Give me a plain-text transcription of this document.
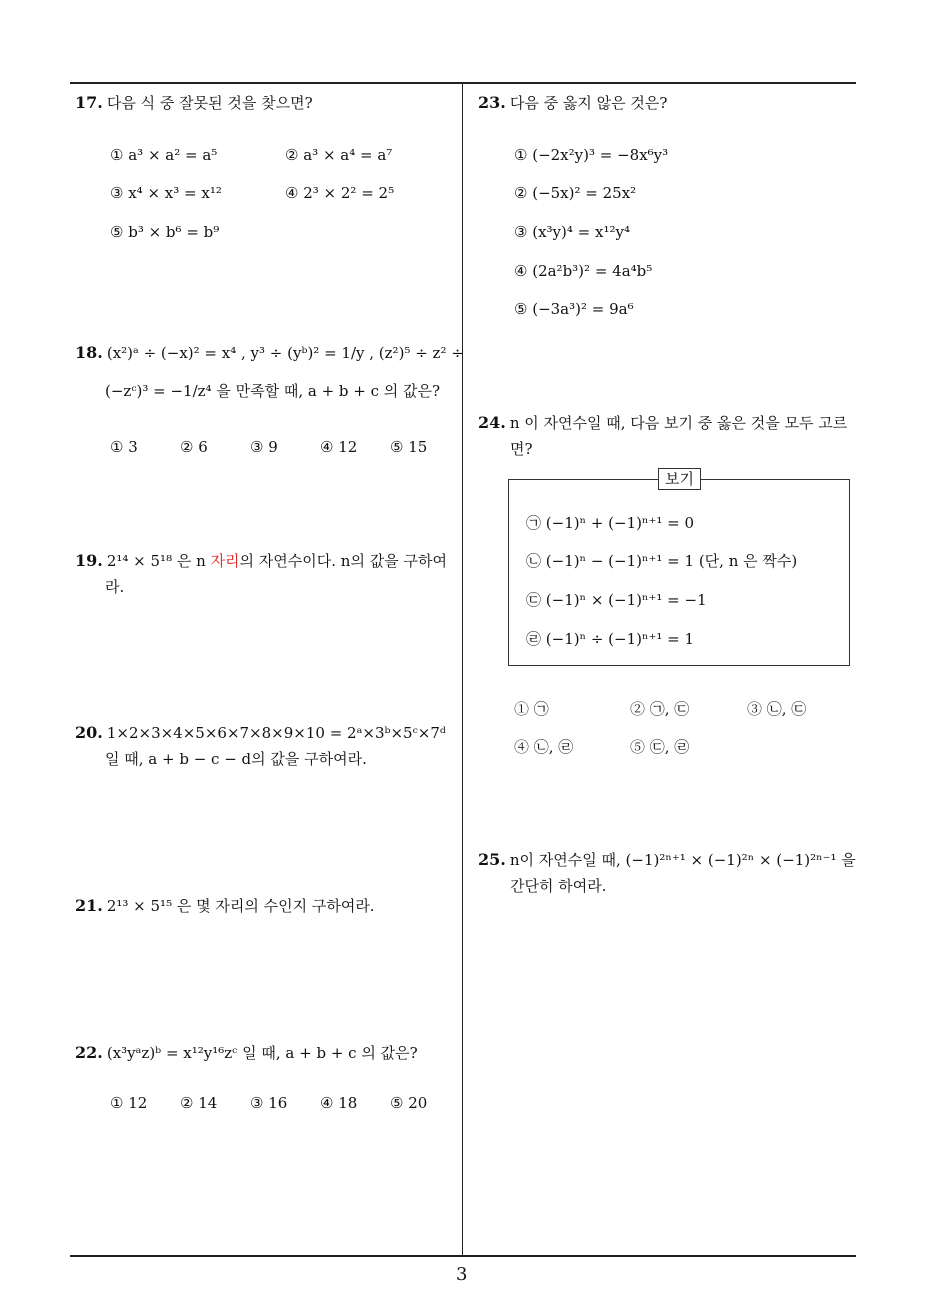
3
17. 다음 식 중 잘못된 것을 찾으면?
① a³ × a² = a⁵	② a³ × a⁴ = a⁷
③ x⁴ × x³ = x¹²	④ 2³ × 2² = 2⁵
⑤ b³ × b⁶ = b⁹
18. (x²)ᵃ ÷ (−x)² = x⁴ , y³ ÷ (yᵇ)² = 1/y , (z²)⁵ ÷ z² ÷
(−zᶜ)³ = −1/z⁴ 을 만족할 때, a + b + c 의 값은?
① 3	② 6	③ 9	④ 12 ⑤ 15
19. 2¹⁴ × 5¹⁸ 은 n 자리의 자연수이다. n의 값을 구하여
라.
20. 1×2×3×4×5×6×7×8×9×10 = 2ᵃ×3ᵇ×5ᶜ×7ᵈ
일 때, a + b − c − d의 값을 구하여라.
21. 2¹³ × 5¹⁵ 은 몇 자리의 수인지 구하여라.
22. (x³yᵃz)ᵇ = x¹²y¹⁶zᶜ 일 때, a + b + c 의 값은?
① 12 ② 14 ③ 16 ④ 18 ⑤ 20
23. 다음 중 옳지 않은 것은?
① (−2x²y)³ = −8x⁶y³
② (−5x)² = 25x²
③ (x³y)⁴ = x¹²y⁴
④ (2a²b³)² = 4a⁴b⁵
⑤ (−3a³)² = 9a⁶
24. n 이 자연수일 때, 다음 보기 중 옳은 것을 모두 고르
면?
보기
㉠ (−1)ⁿ + (−1)ⁿ⁺¹ = 0
㉡ (−1)ⁿ − (−1)ⁿ⁺¹ = 1 (단, n 은 짝수)
㉢ (−1)ⁿ × (−1)ⁿ⁺¹ = −1
㉣ (−1)ⁿ ÷ (−1)ⁿ⁺¹ = 1
① ㉠	② ㉠, ㉢	③ ㉡, ㉢
④ ㉡, ㉣	⑤ ㉢, ㉣
25. n이 자연수일 때, (−1)²ⁿ⁺¹ × (−1)²ⁿ × (−1)²ⁿ⁻¹ 을
간단히 하여라.
